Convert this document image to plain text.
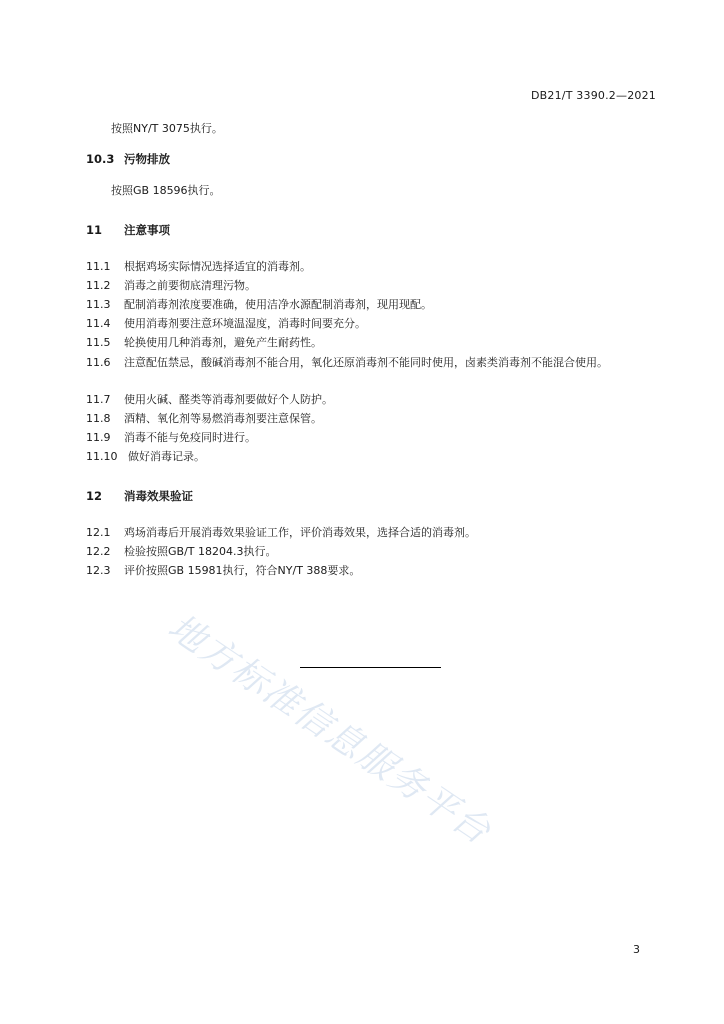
DB21/T 3390.2—2021
按照NY/T 3075执行。
10.3 污物排放
按照GB 18596执行。
11 注意事项
11.1 根据鸡场实际情况选择适宜的消毒剂。
11.2 消毒之前要彻底清理污物。
11.3 配制消毒剂浓度要准确，使用洁净水源配制消毒剂，现用现配。
11.4 使用消毒剂要注意环境温湿度，消毒时间要充分。
11.5 轮换使用几种消毒剂，避免产生耐药性。
11.6 注意配伍禁忌，酸碱消毒剂不能合用，氧化还原消毒剂不能同时使用，卤素类消毒剂不能混合使用。
11.7 使用火碱、醛类等消毒剂要做好个人防护。
11.8 酒精、氧化剂等易燃消毒剂要注意保管。
11.9 消毒不能与免疫同时进行。
11.10 做好消毒记录。
12 消毒效果验证
12.1 鸡场消毒后开展消毒效果验证工作，评价消毒效果，选择合适的消毒剂。
12.2 检验按照GB/T 18204.3执行。
12.3 评价按照GB 15981执行，符合NY/T 388要求。
地方标准信息服务平台
3
